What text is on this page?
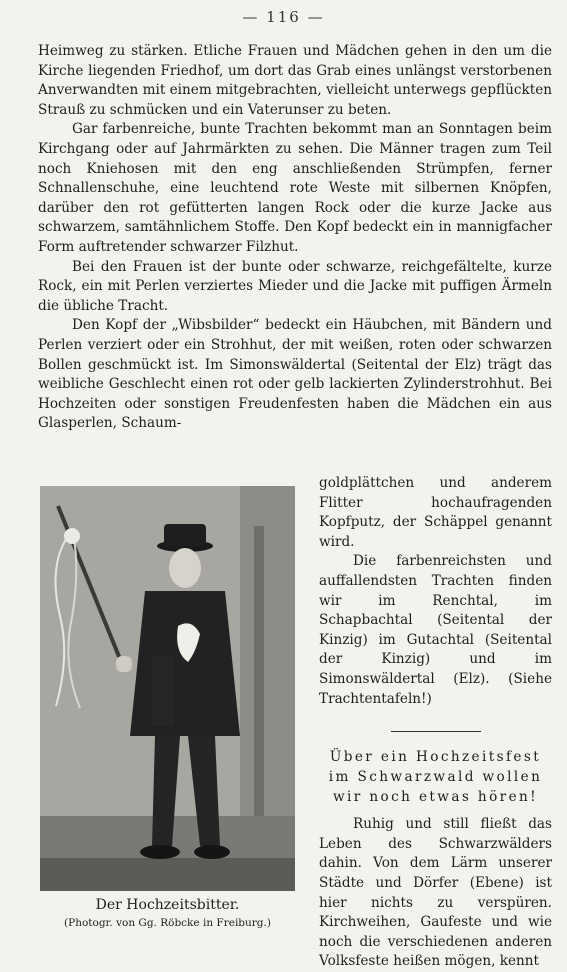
— 116 —

Heimweg zu stärken. Etliche Frauen und Mädchen gehen in den um die Kirche liegenden Friedhof, um dort das Grab eines unlängst verstorbenen Anverwandten mit einem mitgebrachten, vielleicht unterwegs gepflückten Strauß zu schmücken und ein Vaterunser zu beten.

Gar farbenreiche, bunte Trachten bekommt man an Sonntagen beim Kirchgang oder auf Jahrmärkten zu sehen. Die Männer tragen zum Teil noch Kniehosen mit den eng anschließenden Strümpfen, ferner Schnallenschuhe, eine leuchtend rote Weste mit silbernen Knöpfen, darüber den rot gefütterten langen Rock oder die kurze Jacke aus schwarzem, samtähnlichem Stoffe. Den Kopf bedeckt ein in mannigfacher Form auftretender schwarzer Filzhut.

Bei den Frauen ist der bunte oder schwarze, reichgefältelte, kurze Rock, ein mit Perlen verziertes Mieder und die Jacke mit puffigen Ärmeln die übliche Tracht.

Den Kopf der „Wibsbilder“ bedeckt ein Häubchen, mit Bändern und Perlen verziert oder ein Strohhut, der mit weißen, roten oder schwarzen Bollen geschmückt ist. Im Simonswäldertal (Seitental der Elz) trägt das weibliche Geschlecht einen rot oder gelb lackierten Zylinderstrohhut. Bei Hochzeiten oder sonstigen Freudenfesten haben die Mädchen ein aus Glasperlen, Schaum-

Der Hochzeitsbitter.
(Photogr. von Gg. Röbcke in Freiburg.)

goldplättchen und anderem Flitter hochaufragenden Kopfputz, der Schäppel genannt wird.

Die farbenreichsten und auffallendsten Trachten finden wir im Renchtal, im Schapbachtal (Seitental der Kinzig) im Gutachtal (Seitental der Kinzig) und im Simonswäldertal (Elz). (Siehe Trachtentafeln!)

Über ein Hochzeitsfest im Schwarzwald wollen wir noch etwas hören!

Ruhig und still fließt das Leben des Schwarzwälders dahin. Von dem Lärm unserer Städte und Dörfer (Ebene) ist hier nichts zu verspüren. Kirchweihen, Gaufeste und wie noch die verschiedenen anderen Volksfeste heißen mögen, kennt
